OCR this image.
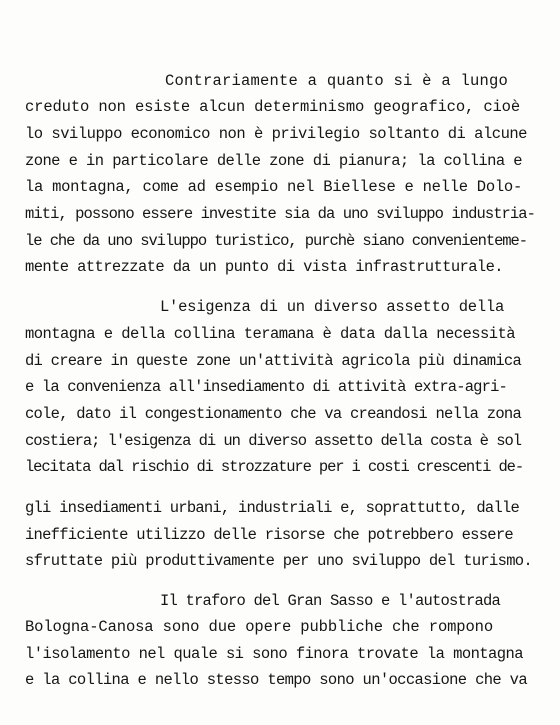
Contrariamente a quanto si è a lungo
creduto non esiste alcun determinismo geografico, cioè
lo sviluppo economico non è privilegio soltanto di alcune
zone e in particolare delle zone di pianura; la collina e
la montagna, come ad esempio nel Biellese e nelle Dolo-
miti, possono essere investite sia da uno sviluppo industria-
le che da uno sviluppo turistico, purchè siano convenienteme-
mente attrezzate da un punto di vista infrastrutturale.
L'esigenza di un diverso assetto della
montagna e della collina teramana è data dalla necessità
di creare in queste zone un'attività agricola più dinamica
e la convenienza all'insediamento di attività extra-agri-
cole, dato il congestionamento che va creandosi nella zona
costiera; l'esigenza di un diverso assetto della costa è sol
lecitata dal rischio di strozzature per i costi crescenti de-
gli insediamenti urbani, industriali e, soprattutto, dalle
inefficiente utilizzo delle risorse che potrebbero essere
sfruttate più produttivamente per uno sviluppo del turismo.
Il traforo del Gran Sasso e l'autostrada
Bologna-Canosa sono due opere pubbliche che rompono
l'isolamento nel quale si sono finora trovate la montagna
e la collina e nello stesso tempo sono un'occasione che va
